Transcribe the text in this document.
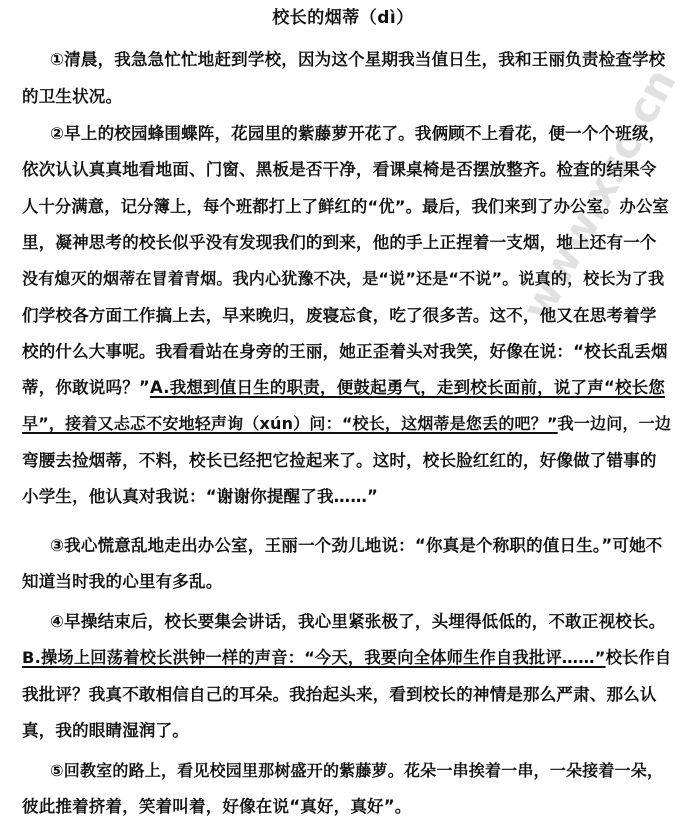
www.xsc.cn
校长的烟蒂（dì）
①清晨，我急急忙忙地赶到学校，因为这个星期我当值日生，我和王丽负责检查学校
的卫生状况。
②早上的校园蜂围蝶阵，花园里的紫藤萝开花了。我俩顾不上看花，便一个个班级，
依次认认真真地看地面、门窗、黑板是否干净，看课桌椅是否摆放整齐。检查的结果令
人十分满意，记分簿上，每个班都打上了鲜红的“优”。最后，我们来到了办公室。办公室
里，凝神思考的校长似乎没有发现我们的到来，他的手上正捏着一支烟，地上还有一个
没有熄灭的烟蒂在冒着青烟。我内心犹豫不决，是“说”还是“不说”。说真的，校长为了我
们学校各方面工作搞上去，早来晚归，废寝忘食，吃了很多苦。这不，他又在思考着学
校的什么大事呢。我看看站在身旁的王丽，她正歪着头对我笑，好像在说：“校长乱丢烟
蒂，你敢说吗？”A.我想到值日生的职责，便鼓起勇气，走到校长面前，说了声“校长您
早”，接着又忐忑不安地轻声询（xún）问：“校长，这烟蒂是您丢的吧？”我一边问，一边
弯腰去捡烟蒂，不料，校长已经把它捡起来了。这时，校长脸红红的，好像做了错事的
小学生，他认真对我说：“谢谢你提醒了我……”
③我心慌意乱地走出办公室，王丽一个劲儿地说：“你真是个称职的值日生。”可她不
知道当时我的心里有多乱。
④早操结束后，校长要集会讲话，我心里紧张极了，头埋得低低的，不敢正视校长。
B.操场上回荡着校长洪钟一样的声音：“今天，我要向全体师生作自我批评……”校长作自
我批评？我真不敢相信自己的耳朵。我抬起头来，看到校长的神情是那么严肃、那么认
真，我的眼睛湿润了。
⑤回教室的路上，看见校园里那树盛开的紫藤萝。花朵一串挨着一串，一朵接着一朵，
彼此推着挤着，笑着叫着，好像在说“真好，真好”。
